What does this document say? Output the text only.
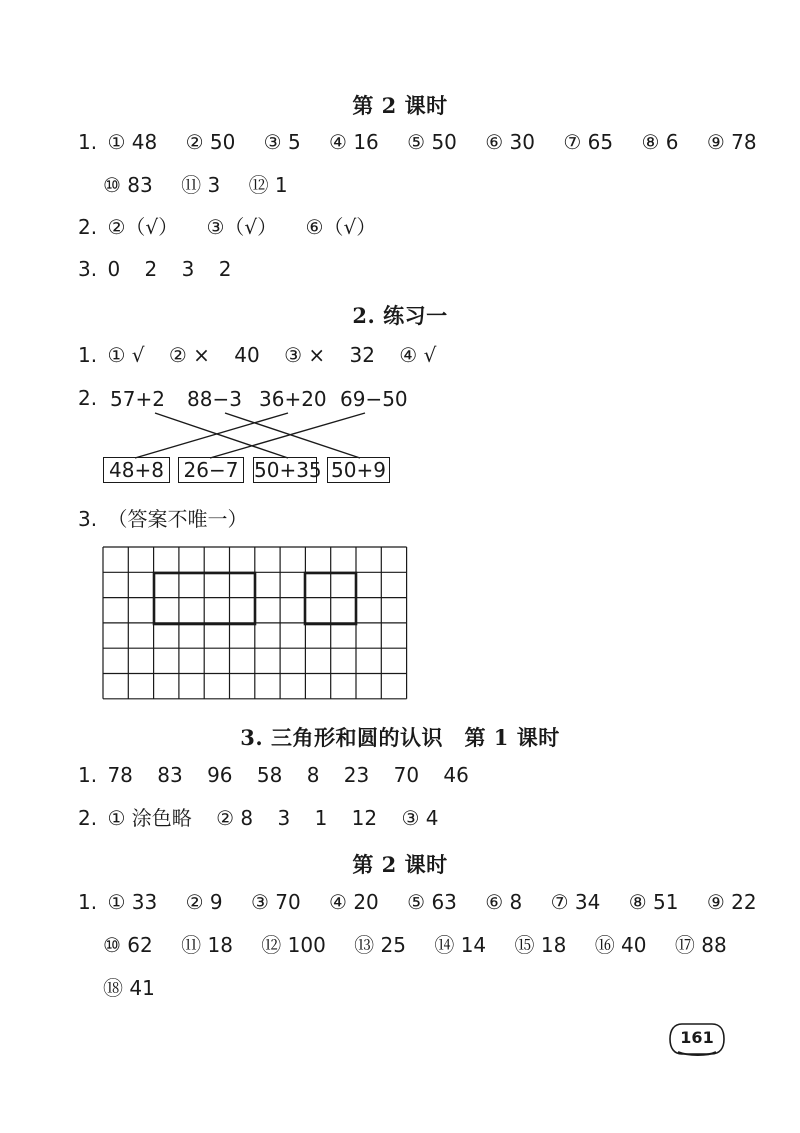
第 2 课时
1. ① 48 ② 50 ③ 5 ④ 16 ⑤ 50 ⑥ 30 ⑦ 65 ⑧ 6 ⑨ 78
⑩ 83 ⑪ 3 ⑫ 1
2. ②（√） ③（√） ⑥（√）
3. 0 2 3 2
2. 练习一
1. ① √ ② × 40 ③ × 32 ④ √
2. 57+2 88−3 36+20 69−50
48+8 26−7 50+35 50+9
3. （答案不唯一）
3. 三角形和圆的认识　第 1 课时
1. 78 83 96 58 8 23 70 46
2. ① 涂色略 ② 8 3 1 12 ③ 4
第 2 课时
1. ① 33 ② 9 ③ 70 ④ 20 ⑤ 63 ⑥ 8 ⑦ 34 ⑧ 51 ⑨ 22
⑩ 62 ⑪ 18 ⑫ 100 ⑬ 25 ⑭ 14 ⑮ 18 ⑯ 40 ⑰ 88
⑱ 41
161
